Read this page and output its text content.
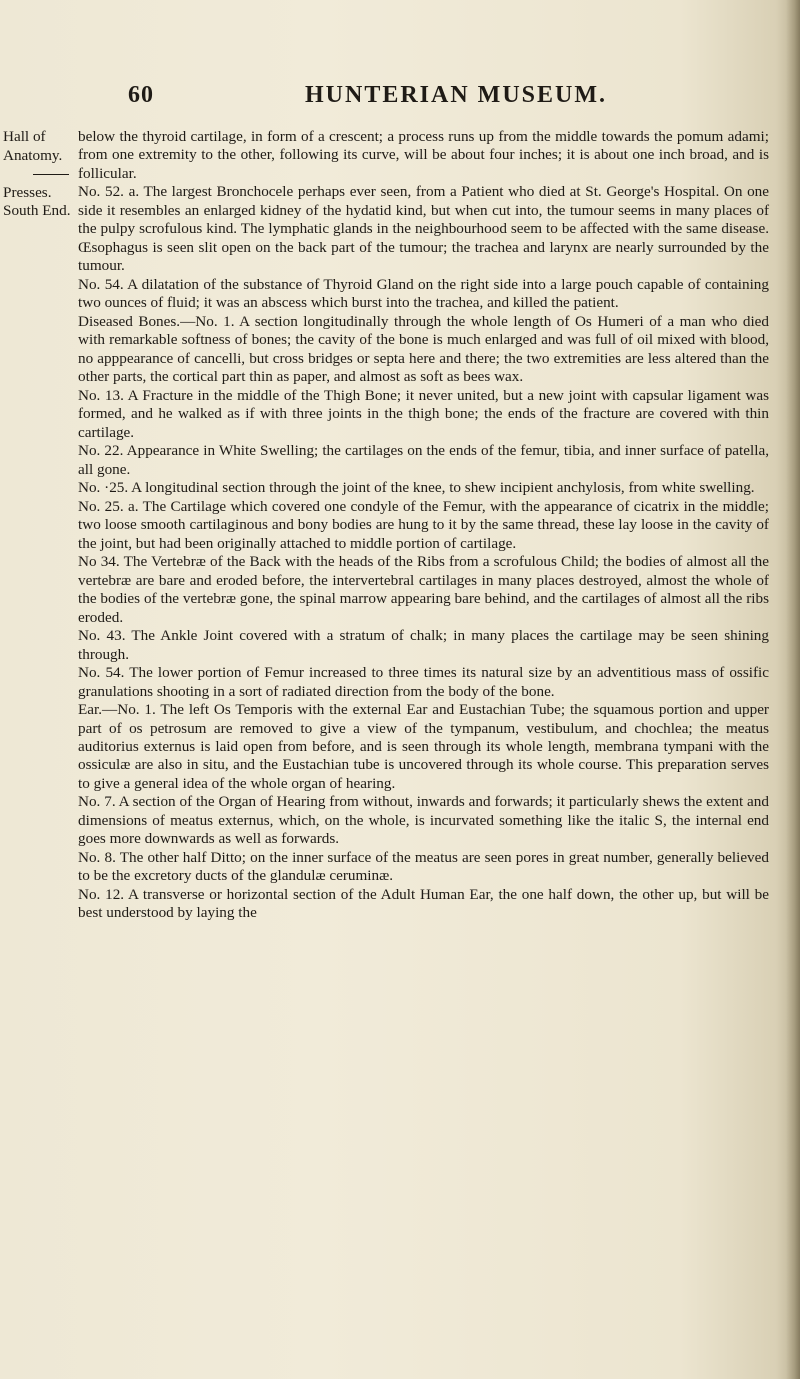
60	HUNTERIAN MUSEUM.
Hall of
Anatomy.
Presses.
South End.

below the thyroid cartilage, in form of a crescent; a process runs up from the middle towards the pomum adami; from one extremity to the other, following its curve, will be about four inches; it is about one inch broad, and is follicular.

No. 52. a. The largest Bronchocele perhaps ever seen, from a Patient who died at St. George's Hospital. On one side it resembles an enlarged kidney of the hydatid kind, but when cut into, the tumour seems in many places of the pulpy scrofulous kind. The lymphatic glands in the neighbourhood seem to be affected with the same disease. Œsophagus is seen slit open on the back part of the tumour; the trachea and larynx are nearly surrounded by the tumour.

No. 54. A dilatation of the substance of Thyroid Gland on the right side into a large pouch capable of containing two ounces of fluid; it was an abscess which burst into the trachea, and killed the patient.

Diseased Bones.—No. 1. A section longitudinally through the whole length of Os Humeri of a man who died with remarkable softness of bones; the cavity of the bone is much enlarged and was full of oil mixed with blood, no apppearance of cancelli, but cross bridges or septa here and there; the two extremities are less altered than the other parts, the cortical part thin as paper, and almost as soft as bees wax.

No. 13. A Fracture in the middle of the Thigh Bone; it never united, but a new joint with capsular ligament was formed, and he walked as if with three joints in the thigh bone; the ends of the fracture are covered with thin cartilage.

No. 22. Appearance in White Swelling; the cartilages on the ends of the femur, tibia, and inner surface of patella, all gone.

No. ·25. A longitudinal section through the joint of the knee, to shew incipient anchylosis, from white swelling.

No. 25. a. The Cartilage which covered one condyle of the Femur, with the appearance of cicatrix in the middle; two loose smooth cartilaginous and bony bodies are hung to it by the same thread, these lay loose in the cavity of the joint, but had been originally attached to middle portion of cartilage.

No 34. The Vertebræ of the Back with the heads of the Ribs from a scrofulous Child; the bodies of almost all the vertebræ are bare and eroded before, the intervertebral cartilages in many places destroyed, almost the whole of the bodies of the vertebræ gone, the spinal marrow appearing bare behind, and the cartilages of almost all the ribs eroded.

No. 43. The Ankle Joint covered with a stratum of chalk; in many places the cartilage may be seen shining through.

No. 54. The lower portion of Femur increased to three times its natural size by an adventitious mass of ossific granulations shooting in a sort of radiated direction from the body of the bone.

Ear.—No. 1. The left Os Temporis with the external Ear and Eustachian Tube; the squamous portion and upper part of os petrosum are removed to give a view of the tympanum, vestibulum, and chochlea; the meatus auditorius externus is laid open from before, and is seen through its whole length, membrana tympani with the ossiculæ are also in situ, and the Eustachian tube is uncovered through its whole course. This preparation serves to give a general idea of the whole organ of hearing.

No. 7. A section of the Organ of Hearing from without, inwards and forwards; it particularly shews the extent and dimensions of meatus externus, which, on the whole, is incurvated something like the italic S, the internal end goes more downwards as well as forwards.

No. 8. The other half Ditto; on the inner surface of the meatus are seen pores in great number, generally believed to be the excretory ducts of the glandulæ ceruminæ.

No. 12. A transverse or horizontal section of the Adult Human Ear, the one half down, the other up, but will be best understood by laying the
